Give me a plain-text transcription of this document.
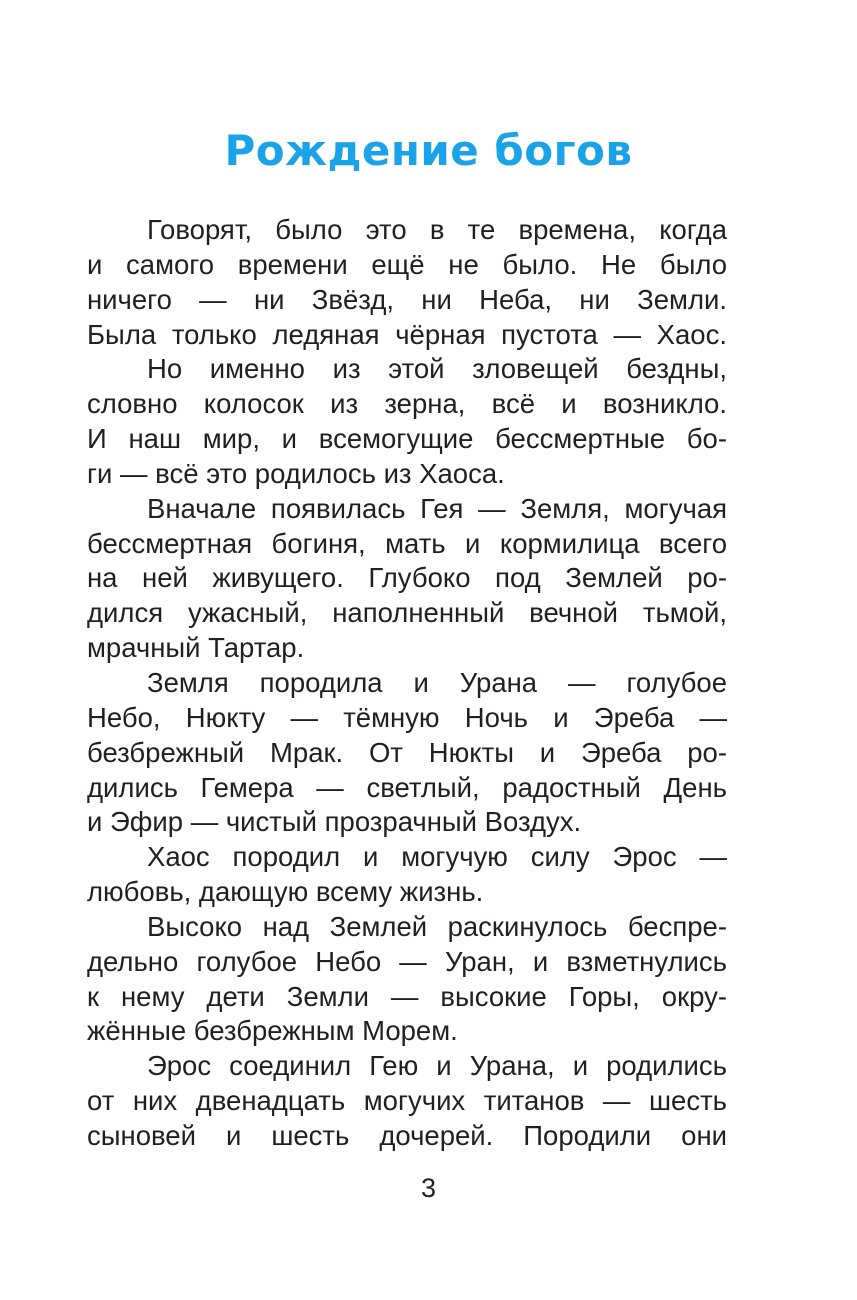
Рождение богов
Говорят, было это в те времена, когда
и самого времени ещё не было. Не было
ничего — ни Звёзд, ни Неба, ни Земли.
Была только ледяная чёрная пустота — Хаос.
Но именно из этой зловещей бездны,
словно колосок из зерна, всё и возникло.
И наш мир, и всемогущие бессмертные бо-
ги — всё это родилось из Хаоса.
Вначале появилась Гея — Земля, могучая
бессмертная богиня, мать и кормилица всего
на ней живущего. Глубоко под Землей ро-
дился ужасный, наполненный вечной тьмой,
мрачный Тартар.
Земля породила и Урана — голубое
Небо, Нюкту — тёмную Ночь и Эреба —
безбрежный Мрак. От Нюкты и Эреба ро-
дились Гемера — светлый, радостный День
и Эфир — чистый прозрачный Воздух.
Хаос породил и могучую силу Эрос —
любовь, дающую всему жизнь.
Высоко над Землей раскинулось беспре-
дельно голубое Небо — Уран, и взметнулись
к нему дети Земли — высокие Горы, окру-
жённые безбрежным Морем.
Эрос соединил Гею и Урана, и родились
от них двенадцать могучих титанов — шесть
сыновей и шесть дочерей. Породили они
3
